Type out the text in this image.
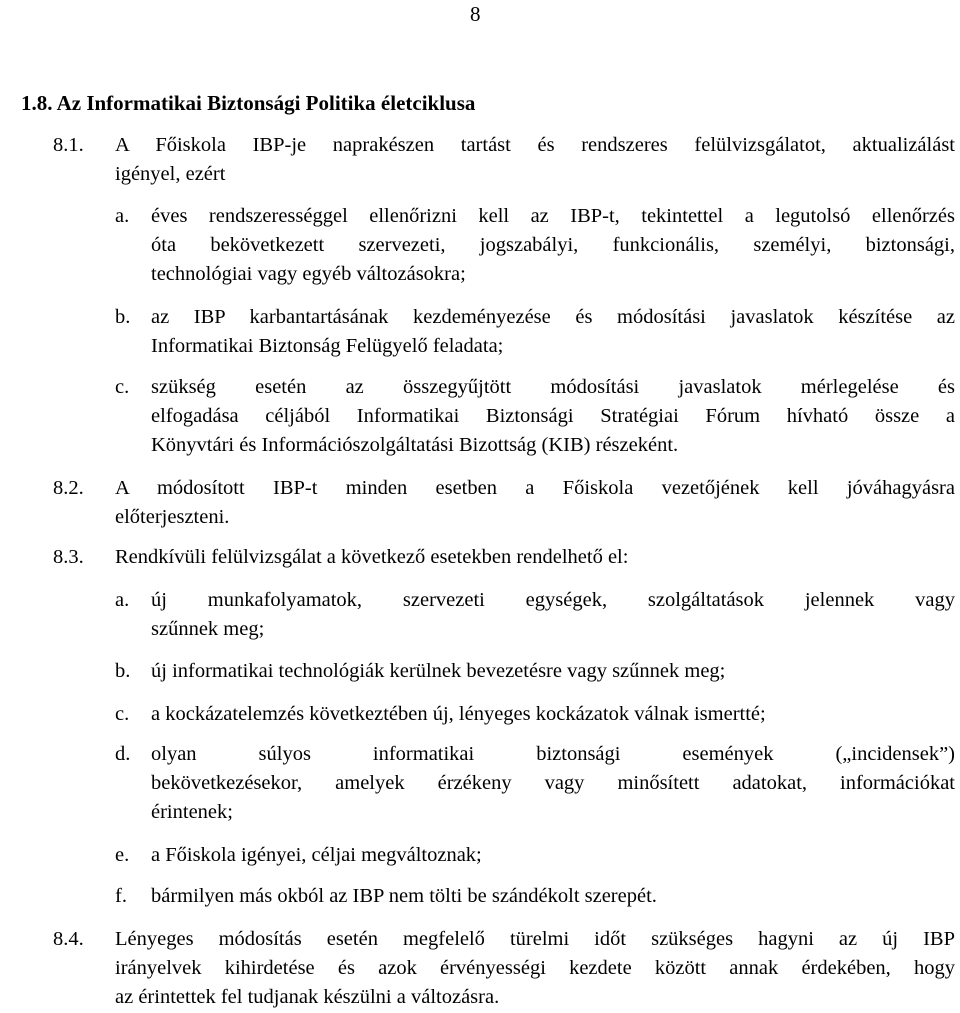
8
1.8. Az Informatikai Biztonsági Politika életciklusa
8.1. A Főiskola IBP-je naprakészen tartást és rendszeres felülvizsgálatot, aktualizálást
igényel, ezért
a. éves rendszerességgel ellenőrizni kell az IBP-t, tekintettel a legutolsó ellenőrzés
óta bekövetkezett szervezeti, jogszabályi, funkcionális, személyi, biztonsági,
technológiai vagy egyéb változásokra;
b. az IBP karbantartásának kezdeményezése és módosítási javaslatok készítése az
Informatikai Biztonság Felügyelő feladata;
c. szükség esetén az összegyűjtött módosítási javaslatok mérlegelése és
elfogadása céljából Informatikai Biztonsági Stratégiai Fórum hívható össze a
Könyvtári és Információszolgáltatási Bizottság (KIB) részeként.
8.2. A módosított IBP-t minden esetben a Főiskola vezetőjének kell jóváhagyásra
előterjeszteni.
8.3. Rendkívüli felülvizsgálat a következő esetekben rendelhető el:
a. új munkafolyamatok, szervezeti egységek, szolgáltatások jelennek vagy
szűnnek meg;
b. új informatikai technológiák kerülnek bevezetésre vagy szűnnek meg;
c. a kockázatelemzés következtében új, lényeges kockázatok válnak ismertté;
d. olyan súlyos informatikai biztonsági események („incidensek”)
bekövetkezésekor, amelyek érzékeny vagy minősített adatokat, információkat
érintenek;
e. a Főiskola igényei, céljai megváltoznak;
f. bármilyen más okból az IBP nem tölti be szándékolt szerepét.
8.4. Lényeges módosítás esetén megfelelő türelmi időt szükséges hagyni az új IBP
irányelvek kihirdetése és azok érvényességi kezdete között annak érdekében, hogy
az érintettek fel tudjanak készülni a változásra.
